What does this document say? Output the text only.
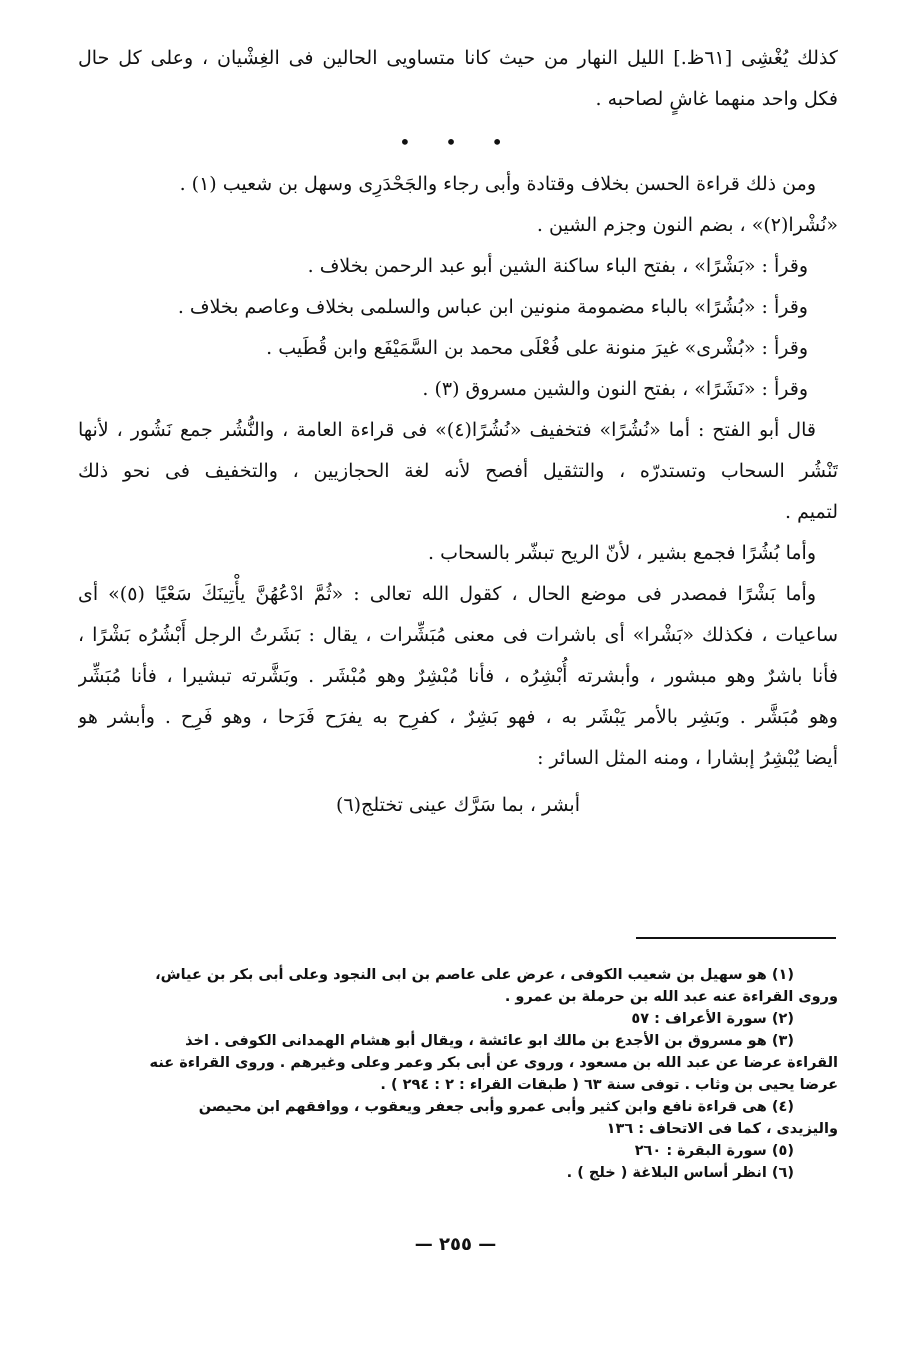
كذلك يُغْشِى [٦١ظ.] الليل النهار من حيث كانا متساويى الحالين فى الغِشْيان ، وعلى كل حال
فكل واحد منهما غاشٍ لصاحبه .
• • •
ومن ذلك قراءة الحسن بخلاف وقتادة وأبى رجاء والجَحْدَرِى وسهل بن شعيب (١) .
«نُشْرا(٢)» ، بضم النون وجزم الشين .
وقرأ : «بَشْرًا» ، بفتح الباء ساكنة الشين أبو عبد الرحمن بخلاف .
وقرأ : «بُشُرًا» بالباء مضمومة منونين ابن عباس والسلمى بخلاف وعاصم بخلاف .
وقرأ : «بُشْرى» غيرَ منونة على فُعْلَى محمد بن السَّمَيْفَع وابن قُطَيب .
وقرأ : «نَشَرًا» ، بفتح النون والشين مسروق (٣) .
قال أبو الفتح : أما «نُشُرًا» فتخفيف «نُشُرًا(٤)» فى قراءة العامة ، والنُّشُر جمع نَشُور ، لأنها
تَنْشُر السحاب وتستدرّه ، والتثقيل أفصح لأنه لغة الحجازيين ، والتخفيف فى نحو ذلك
لتميم .
وأما بُشُرًا فجمع بشير ، لأنّ الريح تبشّر بالسحاب .
وأما بَشْرًا فمصدر فى موضع الحال ، كقول الله تعالى : «ثُمَّ ادْعُهُنَّ يأْتِينَكَ سَعْيًا (٥)» أى
ساعيات ، فكذلك «بَشْرا» أى باشرات فى معنى مُبَشِّرات ، يقال : بَشَرتُ الرجل أَبْشُرُه بَشْرًا ،
فأنا باشرٌ وهو مبشور ، وأبشرته أُبْشِرُه ، فأنا مُبْشِرٌ وهو مُبْشَر . وبَشَّرته تبشيرا ، فأنا مُبَشِّر
وهو مُبَشَّر . وبَشِر بالأمر يَبْشَر به ، فهو بَشِرٌ ، كفرِح به يفرَح فَرَحا ، وهو فَرِح . وأبشر هو
أيضا يُبْشِرُ إبشارا ، ومنه المثل السائر :
أبشر ، بما سَرَّك عينى تختلج(٦)
(١) هو سهيل بن شعيب الكوفى ، عرض على عاصم بن ابى النجود وعلى أبى بكر بن عياش،
وروى القراءة عنه عبد الله بن حرملة بن عمرو .
(٢) سورة الأعراف : ٥٧
(٣) هو مسروق بن الأجدع بن مالك ابو عائشة ، ويقال أبو هشام الهمدانى الكوفى . اخذ
القراءة عرضا عن عبد الله بن مسعود ، وروى عن أبى بكر وعمر وعلى وغيرهم . وروى القراءة عنه
عرضا يحيى بن وثاب . توفى سنة ٦٣ ( طبقات القراء : ٢ : ٢٩٤ ) .
(٤) هى قراءة نافع وابن كثير وأبى عمرو وأبى جعفر ويعقوب ، ووافقهم ابن محيصن
واليزيدى ، كما فى الاتحاف : ١٣٦
(٥) سورة البقرة : ٢٦٠
(٦) انظر أساس البلاغة ( خلج ) .
— ٢٥٥ —
